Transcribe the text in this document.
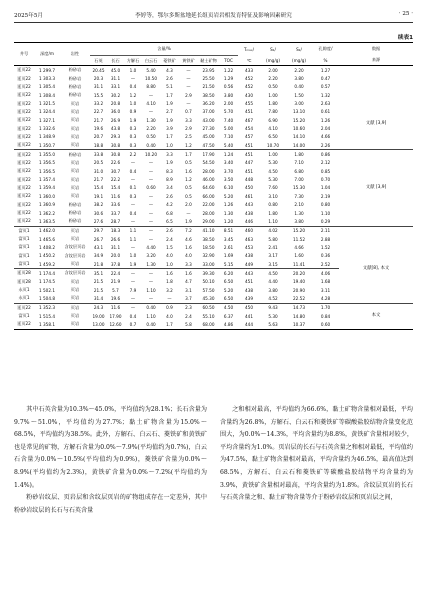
2025年5月	李婷等，鄂尔多斯盆地延长组页岩岩相发育特征及影响因素研究	· 25 ·
续表1
井号	深度/m	岩性	含量/%								Tₘₐₓ/	S₁/	S₂/	孔隙度/	数据
			石英	长石	方解石	白云石	菱铁矿	黄铁矿	黏土矿物	TOC	℃	(mg/g)	(mg/g)	%	来源
延页22	1 299.7	粉砂岩	20.45	45.0	1.0	5.40	4.3	—	23.95	1.22	433	2.00	2.20	1.27	
延页22	1 303.3	粉砂岩	20.3	31.1	—	10.50	2.6	—	25.50	1.29	452	2.20	3.80	0.47	
延页22	1 305.4	粉砂岩	31.1	33.1	0.4	8.80	5.1	—	21.50	0.56	452	0.50	0.40	0.57	
延页22	1 308.4	粉砂岩	15.5	30.2	1.2	—	1.7	2.9	38.50	3.80	430	1.00	1.50	1.32	
延页22	1 321.5	页岩	33.2	20.8	1.0	4.10	1.9	—	36.20	2.00	455	1.80	3.00	2.63	
延页22	1 324.4	页岩	22.7	36.0	0.9	—	2.7	0.7	37.00	5.70	451	7.80	13.10	0.61	文献 [3,9]
延页22	1 327.1	页岩	21.7	26.9	1.9	1.30	1.9	3.3	43.00	7.40	467	6.90	15.20	1.26	
延页22	1 332.6	页岩	19.6	43.8	0.3	2.20	3.9	2.9	27.30	5.00	454	4.10	10.60	2.04	
延页22	1 348.9	页岩	20.7	29.3	0.3	0.50	1.7	2.5	45.00	7.10	457	6.50	14.10	4.66	
延页22	1 350.7	页岩	18.8	30.8	0.3	0.40	1.0	1.2	47.50	5.40	451	10.70	14.00	2.26	
延页22	1 355.0	粉砂岩	33.8	30.8	2.2	10.20	3.3	1.7	17.90	1.24	451	1.00	1.80	0.86	
延页22	1 356.5	页岩	20.5	22.6	—	—	1.9	0.5	54.50	3.40	447	5.30	7.10	2.12	文献 [3,9]
延页22	1 356.5	页岩	31.0	30.7	0.4	—	8.3	1.6	28.00	3.70	451	4.50	6.80	0.85	
延页22	1 357.4	页岩	21.7	22.2	—	—	8.9	1.2	46.00	3.50	448	5.30	7.00	0.70	
延页22	1 359.4	页岩	15.4	15.4	0.1	0.60	3.4	0.5	64.60	6.10	450	7.60	15.30	1.04	
延页22	1 360.0	页岩	19.1	11.6	0.3	—	2.6	0.5	66.00	5.20	461	3.10	7.30	2.19	
延页22	1 360.9	粉砂岩	38.2	33.6	—	—	4.2	2.0	22.00	1.26	443	0.80	2.10	0.80	
延页22	1 362.2	粉砂岩	30.6	33.7	0.4	—	6.8	—	28.00	1.30	438	1.80	1.30	1.10	
延页22	1 363.5	粉砂岩	27.6	28.7	—	—	6.5	1.9	29.00	1.20	446	1.10	3.80	0.29	
富页1	1 462.0	页岩	29.7	18.3	1.1	—	2.6	7.2	41.10	8.51	460	4.02	15.20	2.11	
富页1	1 465.6	页岩	26.7	26.6	1.1	—	2.4	4.6	38.50	3.45	463	5.80	11.52	2.88	
富页1	1 408.2	含纹层页岩	43.1	31.1	—	4.40	1.5	1.6	18.50	2.61	453	2.41	4.66	1.52	文献[8], 本文
富页1	1 450.2	含纹层页岩	34.9	20.0	1.0	3.20	4.0	4.0	32.90	1.69	438	3.17	1.60	0.36	
富页1	1 459.2	页岩	21.8	37.8	1.9	1.30	1.0	3.3	33.00	5.15	449	3.15	11.41	2.52	
延页28	1 174.4	含纹层页岩	35.1	22.4	—	—	1.6	1.6	39.30	6.20	443	4.50	20.20	4.06	
延页28	1 174.5	页岩	21.5	21.9	—	—	1.8	4.7	50.10	6.50	451	4.40	19.40	1.68	
永页1	1 502.1	页岩	21.5	5.7	7.9	1.10	3.2	3.1	57.50	5.20	438	3.80	20.90	3.11	
永页1	1 504.8	页岩	31.4	19.6	—	—	—	3.7	45.30	6.50	439	4.52	22.52	4.28	
延页22	1 352.3	页岩	24.3	11.6	—	0.40	0.9	2.3	60.50	4.50	450	9.43	14.73	1.70	本文
富页1	1 515.4	页岩	19.00	17.90	0.4	1.10	4.0	2.4	55.10	6.37	441	5.30	14.80	0.84	
延页22	1 358.1	页岩	13.00	12.60	0.7	0.40	1.7	5.8	68.00	4.86	444	5.63	10.37	0.60	

其中石英含量为10.3%～45.0%，平均值约为28.1%；长石含量为9.7%～51.0%，平均值约为27.7%；黏土矿物含量为15.0%～68.5%，平均值约为38.5%。此外，方解石、白云石、菱铁矿和黄铁矿也是常见的矿物，方解石含量为0.0%～7.9%(平均值约为0.7%)，白云石含量为0.0%～10.5%(平均值约为0.9%)，菱铁矿含量为0.0%～8.9%(平均值约为2.3%)，黄铁矿含量为0.0%～7.2%(平均值约为1.4%)。

粉砂岩纹层、页岩层和含纹层页岩的矿物组成存在一定差异，其中粉砂岩纹层的长石与石英含量

之和相对最高，平均值约为66.6%，黏土矿物含量相对最低，平均含量约为26.8%，方解石、白云石和菱铁矿等碳酸盐胶结物含量变化范围大，为0.0%～14.3%，平均含量约为8.8%，黄铁矿含量相对较少，平均含量约为1.0%。页岩层的长石与石英含量之和相对最低，平均值约为47.5%，黏土矿物含量相对最高，平均含量约为46.5%，最高值达到68.5%，方解石、白云石和菱铁矿等碳酸盐胶结物平均含量约为3.9%，黄铁矿含量相对最高，平均含量约为1.8%。含纹层页岩的长石与石英含量之和、黏土矿物含量等介于粉砂岩纹层和页岩层之间，
